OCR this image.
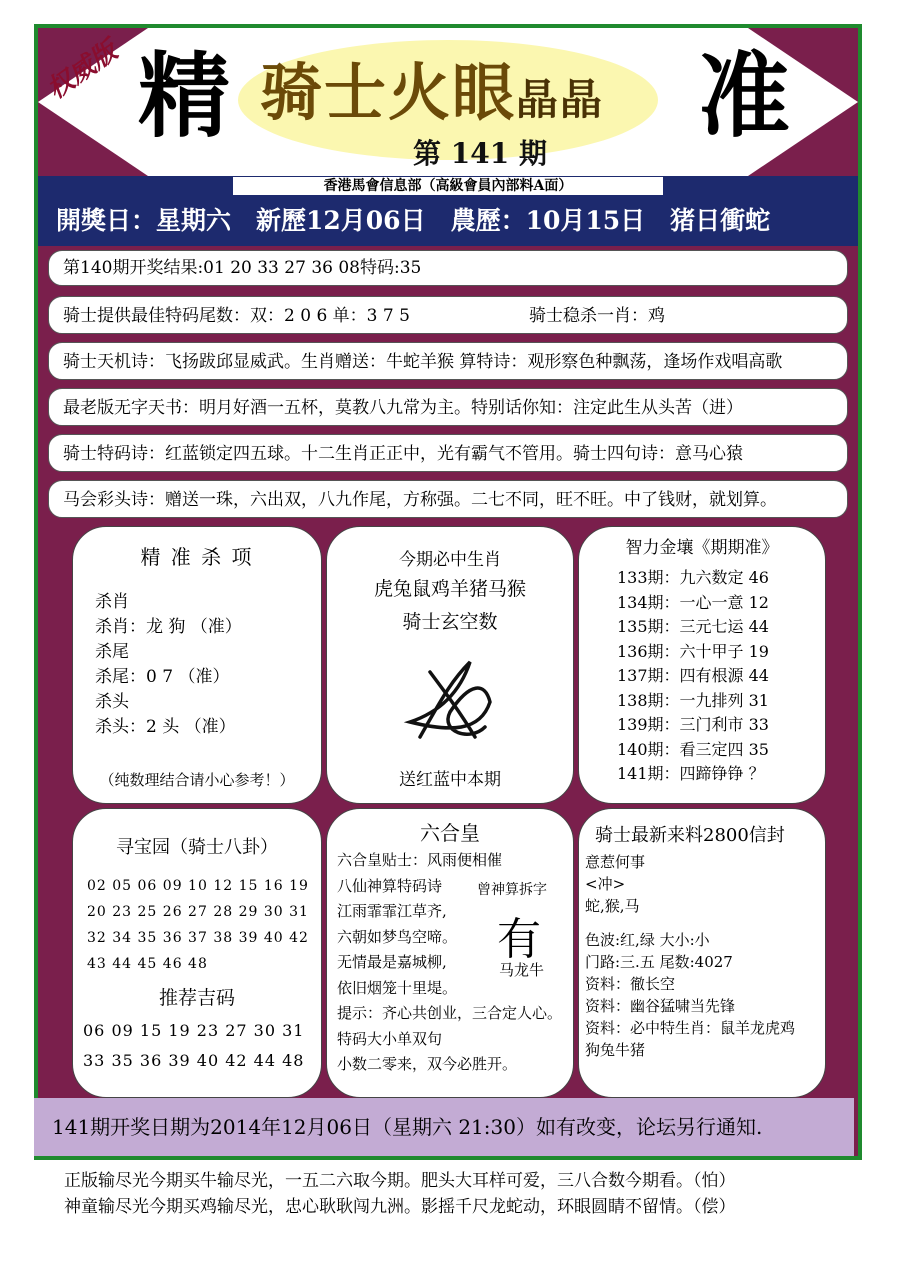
权威版 精	准
骑士火眼晶晶
第 141 期
香港馬會信息部（高級會員內部料A面）
開獎日：星期六　新歷12月06日　農歷：10月15日　猪日衝蛇
第140期开奖结果:01 20 33 27 36 08特码:35
骑士提供最佳特码尾数：双：2 0 6 单：3 7 5	骑士稳杀一肖：鸡
骑士天机诗：飞扬跋邱显威武。生肖赠送：牛蛇羊猴 算特诗：观形察色种飘荡，逢场作戏唱高歌
最老版无字天书：明月好酒一五杯，莫教八九常为主。特别话你知：注定此生从头苦（进）
骑士特码诗：红蓝锁定四五球。十二生肖正正中，光有霸气不管用。骑士四句诗：意马心猿
马会彩头诗：赠送一珠，六出双，八九作尾，方称强。二七不同，旺不旺。中了钱财，就划算。
精 准 杀 项
杀肖
杀肖：龙 狗 （准）
杀尾
杀尾：0 7 （准）
杀头
杀头：2 头 （准）
（纯数理结合请小心参考！）
今期必中生肖
虎兔鼠鸡羊猪马猴
骑士玄空数
送红蓝中本期
智力金壤《期期准》
133期：九六数定 46
134期：一心一意 12
135期：三元七运 44
136期：六十甲子 19
137期：四有根源 44
138期：一九排列 31
139期：三门利市 33
140期：看三定四 35
141期：四蹄铮铮 ？
寻宝园（骑士八卦）
02 05 06 09 10 12 15 16 19
20 23 25 26 27 28 29 30 31
32 34 35 36 37 38 39 40 42
43 44 45 46 48
推荐吉码
06 09 15 19 23 27 30 31
33 35 36 39 40 42 44 48
六合皇
六合皇贴士：风雨便相催
八仙神算特码诗
江雨霏霏江草齐,
六朝如梦鸟空啼。
无情最是嘉城柳,
依旧烟笼十里堤。
提示：齐心共创业，三合定人心。
特码大小单双句
小数二零来，双今必胜开。
曾神算拆字
有
马龙牛
骑士最新来料2800信封
意惹何事
<冲>
蛇,猴,马
色波:红,绿 大小:小
门路:三.五 尾数:4027
资料：徹长空
资料：幽谷猛啸当先锋
资料：必中特生肖：鼠羊龙虎鸡
狗兔牛猪
141期开奖日期为2014年12月06日（星期六 21:30）如有改变，论坛另行通知.
正版输尽光今期买牛输尽光，一五二六取今期。肥头大耳样可爱，三八合数今期看。（怕）
神童输尽光今期买鸡输尽光，忠心耿耿闯九洲。影摇千尺龙蛇动，环眼圆睛不留情。（偿）
